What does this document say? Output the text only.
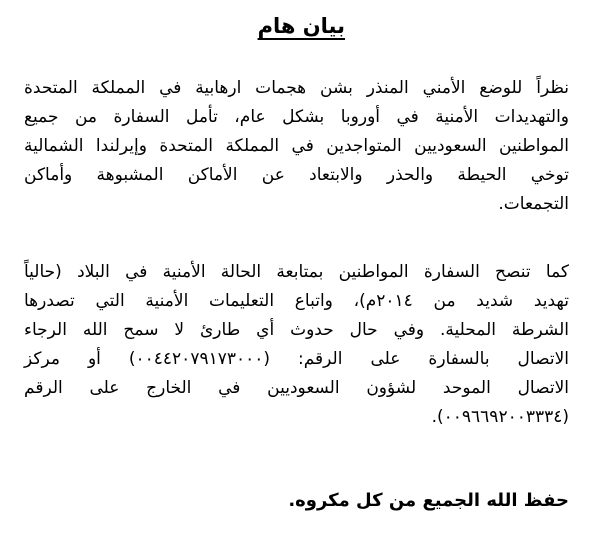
بيان هام
نظراً للوضع الأمني المنذر بشن هجمات ارهابية في المملكة المتحدة
والتهديدات الأمنية في أوروبا بشكل عام، تأمل السفارة من جميع
المواطنين السعوديين المتواجدين في المملكة المتحدة وإيرلندا الشمالية
توخي الحيطة والحذر والابتعاد عن الأماكن المشبوهة وأماكن
التجمعات.
كما تنصح السفارة المواطنين بمتابعة الحالة الأمنية في البلاد (حالياً
تهديد شديد من ٢٠١٤م)، واتباع التعليمات الأمنية التي تصدرها
الشرطة المحلية. وفي حال حدوث أي طارئ لا سمح الله الرجاء
الاتصال بالسفارة على الرقم: (٠٠٤٤٢٠٧٩١٧٣٠٠٠) أو مركز
الاتصال الموحد لشؤون السعوديين في الخارج على الرقم
(٠٠٩٦٦٩٢٠٠٣٣٣٤).

حفظ الله الجميع من كل مكروه.
